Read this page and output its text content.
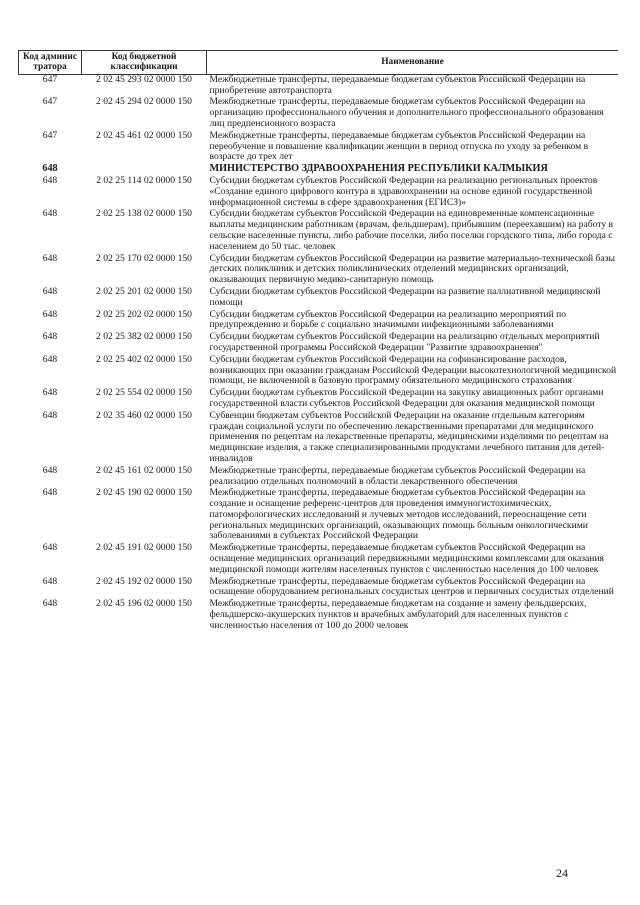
Код админис тратора	Код бюджетной классификации	Наименование
647	2 02 45 293 02 0000 150	Межбюджетные трансферты, передаваемые бюджетам субъектов Российской Федерации на приобретение автотранспорта
647	2 02 45 294 02 0000 150	Межбюджетные трансферты, передаваемые бюджетам субъектов Российской Федерации на организацию профессионального обучения и дополнительного профессионального образования лиц предпенсионного возраста
647	2 02 45 461 02 0000 150	Межбюджетные трансферты, передаваемые бюджетам субъектов Российской Федерации на переобучение и повышение квалификации женщин в период отпуска по уходу за ребенком в возрасте до трех лет
648		МИНИСТЕРСТВО ЗДРАВООХРАНЕНИЯ РЕСПУБЛИКИ КАЛМЫКИЯ
648	2 02 25 114 02 0000 150	Субсидии бюджетам субъектов Российской Федерации на реализацию региональных проектов «Создание единого цифрового контура в здравоохранении на основе единой государственной информационной системы в сфере здравоохранения (ЕГИСЗ)»
648	2 02 25 138 02 0000 150	Субсидии бюджетам субъектов Российской Федерации на единовременные компенсационные выплаты медицинским работникам (врачам, фельдшерам), прибывшим (переехавшим) на работу в сельские населенные пункты, либо рабочие поселки, либо поселки городского типа, либо города с населением до 50 тыс. человек
648	2 02 25 170 02 0000 150	Субсидии бюджетам субъектов Российской Федерации на развитие материально-технической базы детских поликлиник и детских поликлинических отделений медицинских организаций, оказывающих первичную медико-санитарную помощь
648	2 02 25 201 02 0000 150	Субсидии бюджетам субъектов Российской Федерации на развитие паллиативной медицинской помощи
648	2 02 25 202 02 0000 150	Субсидии бюджетам субъектов Российской Федерации на реализацию мероприятий по предупреждению и борьбе с социально значимыми инфекционными заболеваниями
648	2 02 25 382 02 0000 150	Субсидии бюджетам субъектов Российской Федерации на реализацию отдельных мероприятий государственной программы Российской Федерации "Развитие здравоохранения"
648	2 02 25 402 02 0000 150	Субсидии бюджетам субъектов Российской Федерации на софинансирование расходов, возникающих при оказании гражданам Российской Федерации высокотехнологичной медицинской помощи, не включенной в базовую программу обязательного медицинского страхования
648	2 02 25 554 02 0000 150	Субсидии бюджетам субъектов Российской Федерации на закупку авиационных работ органами государственной власти субъектов Российской Федерации для оказания медицинской помощи
648	2 02 35 460 02 0000 150	Субвенции бюджетам субъектов Российской Федерации на оказание отдельным категориям граждан социальной услуги по обеспечению лекарственными препаратами для медицинского применения по рецептам на лекарственные препараты, медицинскими изделиями по рецептам на медицинские изделия, а также специализированными продуктами лечебного питания для детей-инвалидов
648	2 02 45 161 02 0000 150	Межбюджетные трансферты, передаваемые бюджетам субъектов Российской Федерации на реализацию отдельных полномочий в области лекарственного обеспечения
648	2 02 45 190 02 0000 150	Межбюджетные трансферты, передаваемые бюджетам субъектов Российской Федерации на создание и оснащение референс-центров для проведения иммуногистохимических, патоморфологических исследований и лучевых методов исследований, переоснащение сети региональных медицинских организаций, оказывающих помощь больным онкологическими заболеваниями в субъектах Российской Федерации
648	2 02 45 191 02 0000 150	Межбюджетные трансферты, передаваемые бюджетам субъектов Российской Федерации на оснащение медицинских организаций передвижными медицинскими комплексами для оказания медицинской помощи жителям населенных пунктов с численностью населения до 100 человек
648	2 02 45 192 02 0000 150	Межбюджетные трансферты, передаваемые бюджетам субъектов Российской Федерации на оснащение оборудованием региональных сосудистых центров и первичных сосудистых отделений
648	2 02 45 196 02 0000 150	Межбюджетные трансферты, передаваемые бюджетам на создание и замену фельдшерских, фельдшерско-акушерских пунктов и врачебных амбулаторий для населенных пунктов с численностью населения от 100 до 2000 человек
24
